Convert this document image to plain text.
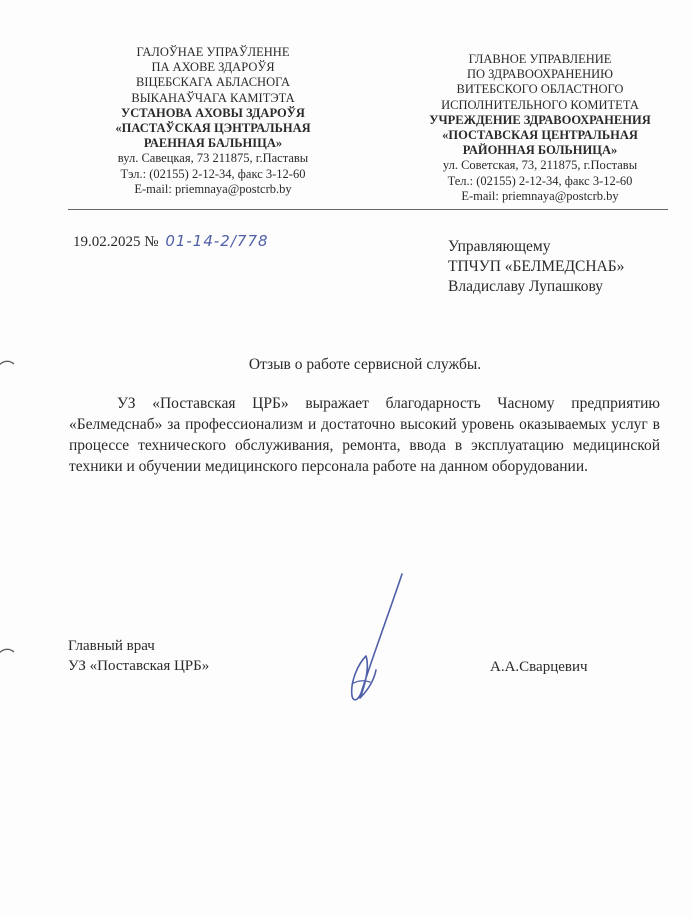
ГАЛОЎНАЕ УПРАЎЛЕННЕ
ПА АХОВЕ ЗДАРОЎЯ
ВІЦЕБСКАГА АБЛАСНОГА
ВЫКАНАЎЧАГА КАМІТЭТА
УСТАНОВА АХОВЫ ЗДАРОЎЯ
«ПАСТАЎСКАЯ ЦЭНТРАЛЬНАЯ
РАЕННАЯ БАЛЬНІЦА»
вул. Савецкая, 73 211875, г.Паставы
Тэл.: (02155) 2-12-34, факс 3-12-60
E-mail: priemnaya@postcrb.by
ГЛАВНОЕ УПРАВЛЕНИЕ
ПО ЗДРАВООХРАНЕНИЮ
ВИТЕБСКОГО ОБЛАСТНОГО
ИСПОЛНИТЕЛЬНОГО КОМИТЕТА
УЧРЕЖДЕНИЕ ЗДРАВООХРАНЕНИЯ
«ПОСТАВСКАЯ ЦЕНТРАЛЬНАЯ
РАЙОННАЯ БОЛЬНИЦА»
ул. Советская, 73, 211875, г.Поставы
Тел.: (02155) 2-12-34, факс 3-12-60
E-mail: priemnaya@postcrb.by
19.02.2025 № 01-14-2/778	Управляющему
ТПЧУП «БЕЛМЕДСНАБ»
Владиславу Лупашкову
Отзыв о работе сервисной службы.
УЗ «Поставская ЦРБ» выражает благодарность Часному предприятию «Белмедснаб» за профессионализм и достаточно высокий уровень оказываемых услуг в процессе технического обслуживания, ремонта, ввода в эксплуатацию медицинской техники и обучении медицинского персонала работе на данном оборудовании.
Главный врач
УЗ «Поставская ЦРБ»	А.А.Сварцевич
